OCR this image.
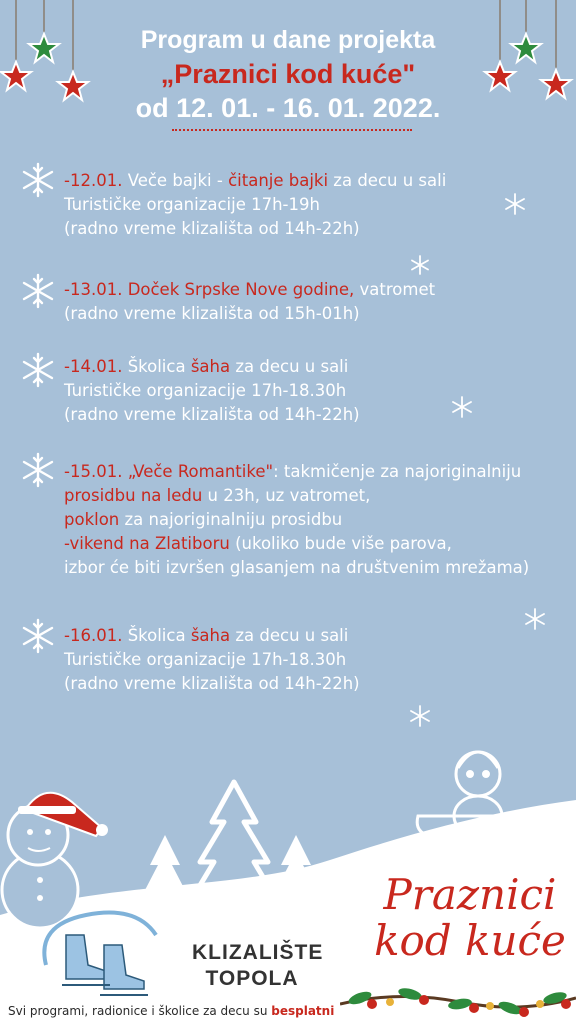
Program u dane projekta
„Praznici kod kuće"
od 12. 01. - 16. 01. 2022.
-12.01. Veče bajki - čitanje bajki za decu u sali
Turističke organizacije 17h-19h
(radno vreme klizališta od 14h-22h)
-13.01. Doček Srpske Nove godine, vatromet
(radno vreme klizališta od 15h-01h)
-14.01. Školica šaha za decu u sali
Turističke organizacije 17h-18.30h
(radno vreme klizališta od 14h-22h)
-15.01. „Veče Romantike": takmičenje za najoriginalniju
prosidbu na ledu u 23h, uz vatromet,
poklon za najoriginalniju prosidbu
-vikend na Zlatiboru (ukoliko bude više parova,
izbor će biti izvršen glasanjem na društvenim mrežama)
-16.01. Školica šaha za decu u sali
Turističke organizacije 17h-18.30h
(radno vreme klizališta od 14h-22h)
KLIZALIŠTE
TOPOLA
Praznici
kod kuće
Svi programi, radionice i školice za decu su besplatni
